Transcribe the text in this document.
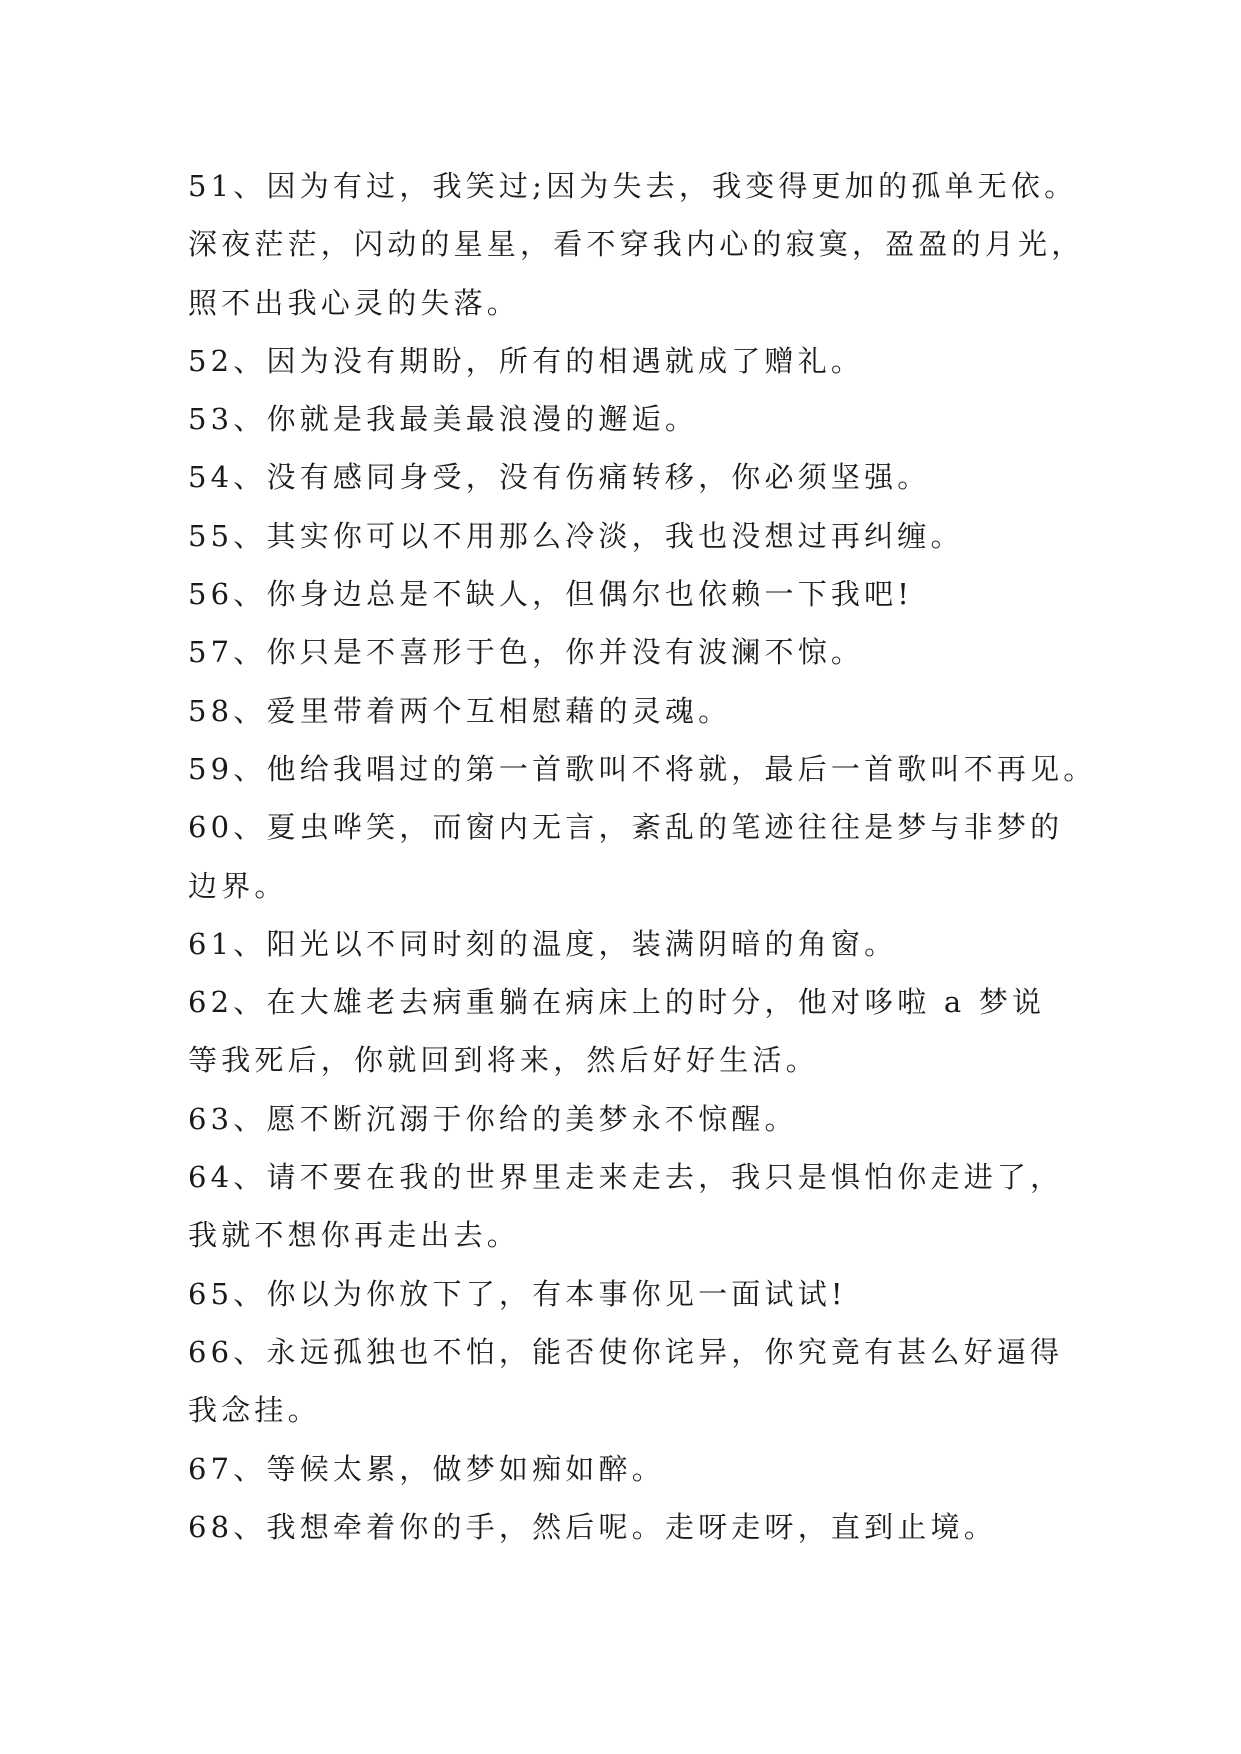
51、因为有过，我笑过;因为失去，我变得更加的孤单无依。
深夜茫茫，闪动的星星，看不穿我内心的寂寞，盈盈的月光，
照不出我心灵的失落。
52、因为没有期盼，所有的相遇就成了赠礼。
53、你就是我最美最浪漫的邂逅。
54、没有感同身受，没有伤痛转移，你必须坚强。
55、其实你可以不用那么冷淡，我也没想过再纠缠。
56、你身边总是不缺人，但偶尔也依赖一下我吧!
57、你只是不喜形于色，你并没有波澜不惊。
58、爱里带着两个互相慰藉的灵魂。
59、他给我唱过的第一首歌叫不将就，最后一首歌叫不再见。
60、夏虫哗笑，而窗内无言，紊乱的笔迹往往是梦与非梦的
边界。
61、阳光以不同时刻的温度，装满阴暗的角窗。
62、在大雄老去病重躺在病床上的时分，他对哆啦 a 梦说
等我死后，你就回到将来，然后好好生活。
63、愿不断沉溺于你给的美梦永不惊醒。
64、请不要在我的世界里走来走去，我只是惧怕你走进了，
我就不想你再走出去。
65、你以为你放下了，有本事你见一面试试!
66、永远孤独也不怕，能否使你诧异，你究竟有甚么好逼得
我念挂。
67、等候太累，做梦如痴如醉。
68、我想牵着你的手，然后呢。走呀走呀，直到止境。
